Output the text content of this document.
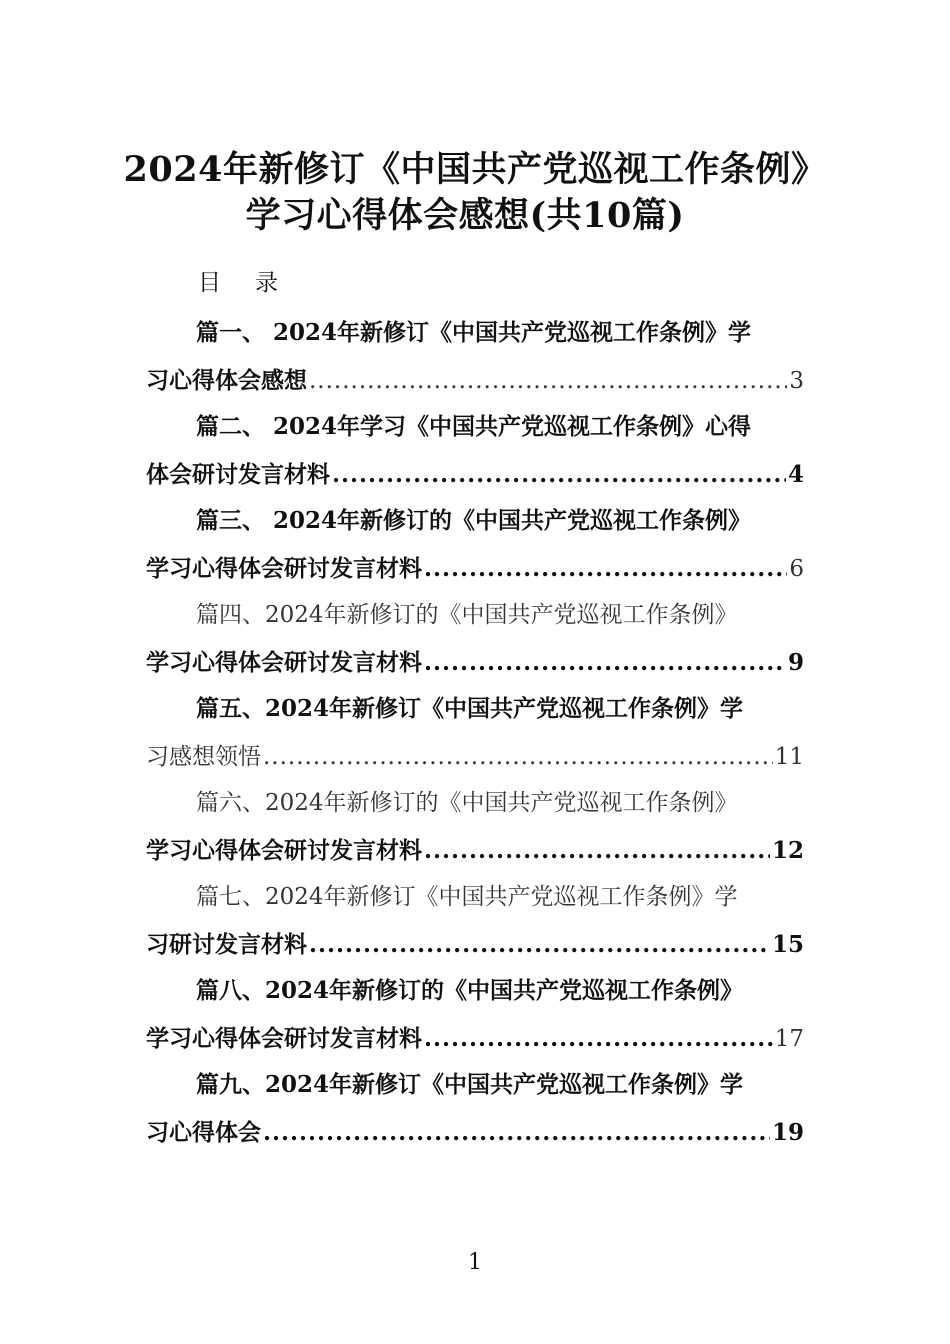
2024年新修订《中国共产党巡视工作条例》
学习心得体会感想(共10篇)
目 录
篇一、 2024年新修订《中国共产党巡视工作条例》学
习心得体会感想 .....	3
篇二、 2024年学习《中国共产党巡视工作条例》心得
体会研讨发言材料 .....	4
篇三、 2024年新修订的《中国共产党巡视工作条例》
学习心得体会研讨发言材料 .....	6
篇四、2024年新修订的《中国共产党巡视工作条例》
学习心得体会研讨发言材料 .....	9
篇五、2024年新修订《中国共产党巡视工作条例》学
习感想领悟 .....	11
篇六、2024年新修订的《中国共产党巡视工作条例》
学习心得体会研讨发言材料 .....	12
篇七、2024年新修订《中国共产党巡视工作条例》学
习研讨发言材料 .....	15
篇八、2024年新修订的《中国共产党巡视工作条例》
学习心得体会研讨发言材料 .....	17
篇九、2024年新修订《中国共产党巡视工作条例》学
习心得体会 .....	19
1
